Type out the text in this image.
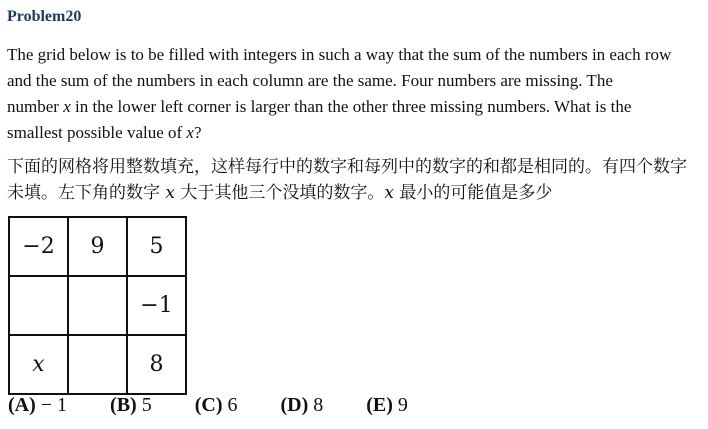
Problem20
The grid below is to be filled with integers in such a way that the sum of the numbers in each row
and the sum of the numbers in each column are the same. Four numbers are missing. The
number x in the lower left corner is larger than the other three missing numbers. What is the
smallest possible value of x?
下面的网格将用整数填充，这样每行中的数字和每列中的数字的和都是相同的。有四个数字
未填。左下角的数字 x 大于其他三个没填的数字。x 最小的可能值是多少
−2	9	5
		−1
x		8
(A) − 1 (B) 5 (C) 6 (D) 8 (E) 9
